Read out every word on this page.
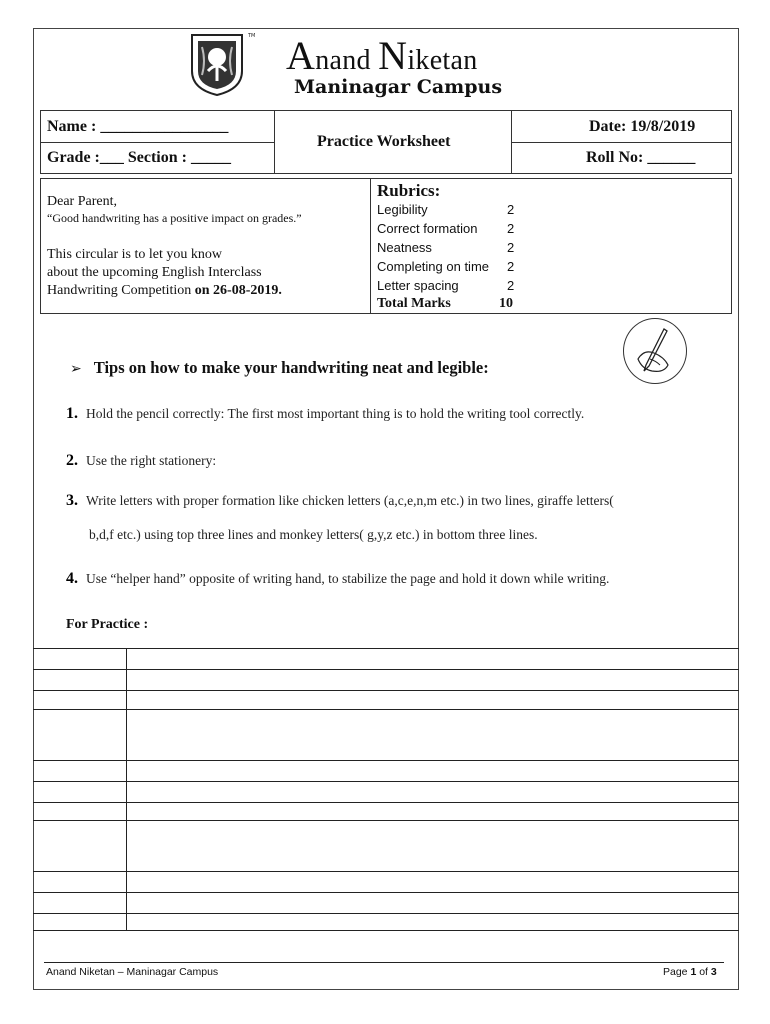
TM Anand Niketan
Maninagar Campus
Name : ________________
Grade :___ Section : _____
Practice Worksheet
Date: 19/8/2019
Roll No: ______
Dear Parent,
“Good handwriting has a positive impact on grades.”
This circular is to let you know
about the upcoming English Interclass
Handwriting Competition on 26-08-2019.
Rubrics:
Legibility	2
Correct formation 2
Neatness	2
Completing on time 2
Letter spacing	2
Total Marks	10
➢ Tips on how to make your handwriting neat and legible:
1. Hold the pencil correctly: The first most important thing is to hold the writing tool correctly.
2. Use the right stationery:
3. Write letters with proper formation like chicken letters (a,c,e,n,m etc.) in two lines, giraffe letters(
b,d,f etc.) using top three lines and monkey letters( g,y,z etc.) in bottom three lines.
4. Use “helper hand” opposite of writing hand, to stabilize the page and hold it down while writing.
For Practice :
Anand Niketan – Maninagar Campus	Page 1 of 3
